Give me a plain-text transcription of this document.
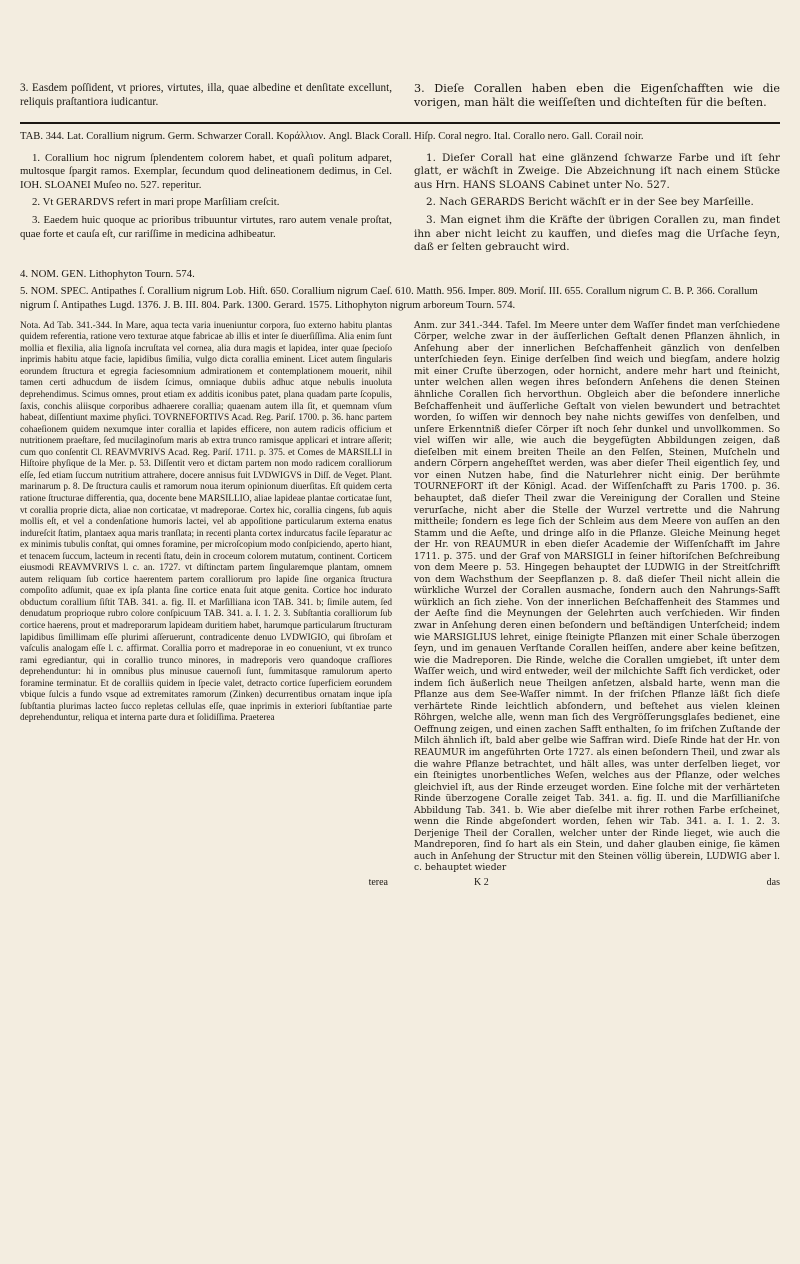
3. Easdem poſſident, vt priores, virtutes, illa, quae albedine et denſitate excellunt, reliquis praſtantiora iudicantur.

3. Dieſe Corallen haben eben die Eigenſchafften wie die vorigen, man hält die weiſſeſten und dichteſten für die beſten.

TAB. 344. Lat. Corallium nigrum. Germ. Schwarzer Corall. Κοράλλιον. Angl. Black Corall. Hiſp. Coral negro. Ital. Corallo nero. Gall. Corail noir.

1. Corallium hoc nigrum ſplendentem colorem habet, et quaſi politum adparet, multosque ſpargit ramos. Exemplar, ſecundum quod delineationem dedimus, in Cel. IOH. SLOANEI Muſeo no. 527. reperitur.

2. Vt GERARDVS refert in mari prope Marſiliam creſcit.

3. Eaedem huic quoque ac prioribus tribuuntur virtutes, raro autem venale proſtat, quae forte et cauſa eſt, cur rariſſime in medicina adhibeatur.

1. Dieſer Corall hat eine glänzend ſchwarze Farbe und iſt ſehr glatt, er wächſt in Zweige. Die Abzeichnung iſt nach einem Stücke aus Hrn. HANS SLOANS Cabinet unter No. 527.

2. Nach GERARDS Bericht wächſt er in der See bey Marſeille.

3. Man eignet ihm die Kräfte der übrigen Corallen zu, man findet ihn aber nicht leicht zu kauffen, und dieſes mag die Urſache ſeyn, daß er ſelten gebraucht wird.

4. NOM. GEN. Lithophyton Tourn. 574.

5. NOM. SPEC. Antipathes ſ. Corallium nigrum Lob. Hiſt. 650. Corallium nigrum Caeſ. 610. Matth. 956. Imper. 809. Moriſ. III. 655. Corallum nigrum C. B. P. 366. Corallum nigrum ſ. Antipathes Lugd. 1376. J. B. III. 804. Park. 1300. Gerard. 1575. Lithophyton nigrum arboreum Tourn. 574.

Nota. Ad Tab. 341.-344. In Mare, aqua tecta varia inueniuntur corpora, ſuo externo habitu plantas quidem referentia, ratione vero texturae atque fabricae ab illis et inter ſe diuerſiſſima. Alia enim ſunt mollia et flexilia, alia lignoſa incruſtata vel cornea, alia dura magis et lapidea, inter quae ſpecioſo inprimis habitu atque facie, lapidibus ſimilia, vulgo dicta corallia eminent. Licet autem ſingularis eorundem ſtructura et egregia faciesomnium admirationem et contemplationem mouerit, nihil tamen certi adhucdum de iisdem ſcimus, omniaque dubiis adhuc atque nebulis inuoluta deprehendimus. Scimus omnes, prout etiam ex additis iconibus patet, plana quadam parte ſcopulis, ſaxis, conchis aliisque corporibus adhaerere corallia; quaenam autem illa ſit, et quemnam vſum habeat, diſſentiunt maxime phyſici. TOVRNEFORTIVS Acad. Reg. Pariſ. 1700. p. 36. hanc partem cohaeſionem quidem nexumque inter corallia et lapides efficere, non autem radicis officium et nutritionem praeſtare, ſed mucilaginoſum maris ab extra trunco ramisque applicari et intrare aſſerit; cum quo conſentit Cl. REAVMVRIVS Acad. Reg. Pariſ. 1711. p. 375. et Comes de MARSILLI in Hiſtoire phyſique de la Mer. p. 53. Diſſentit vero et dictam partem non modo radicem coralliorum eſſe, ſed etiam ſuccum nutritium attrahere, docere annisus fuit LVDWIGVS in Diſſ. de Veget. Plant. marinarum p. 8. De ſtructura caulis et ramorum noua iterum opinionum diuerſitas. Eſt quidem certa ratione ſtructurae differentia, qua, docente bene MARSILLIO, aliae lapideae plantae corticatae ſunt, vt corallia proprie dicta, aliae non corticatae, vt madreporae. Cortex hic, corallia cingens, ſub aquis mollis eſt, et vel a condenſatione humoris lactei, vel ab appoſitione particularum externa enatus indureſcit ſtatim, plantaex aqua maris tranſlata; in recenti planta cortex indurcatus facile ſeparatur ac ex minimis tubulis conſtat, qui omnes foramine, per microſcopium modo conſpiciendo, aperto hiant, et tenacem ſuccum, lacteum in recenti ſtatu, dein in croceum colorem mutatum, continent. Corticem eiusmodi REAVMVRIVS l. c. an. 1727. vt diſtinctam partem ſingularemque plantam, omnem autem reliquam ſub cortice haerentem partem coralliorum pro lapide ſine organica ſtructura compoſito adſumit, quae ex ipſa planta ſine cortice enata ſuit atque genita. Cortice hoc indurato obductum corallium ſiſtit TAB. 341. a. fig. II. et Marſilliana icon TAB. 341. b; ſimile autem, ſed denudatum proprioque rubro colore conſpicuum TAB. 341. a. I. 1. 2. 3. Subſtantia coralliorum ſub cortice haerens, prout et madreporarum lapideam duritiem habet, harumque particularum ſtructuram lapidibus ſimillimam eſſe plurimi aſſeruerunt, contradicente denuo LVDWIGIO, qui ſibroſam et vaſculis analogam eſſe l. c. affirmat. Corallia porro et madreporae in eo conueniunt, vt ex trunco rami egrediantur, qui in corallio trunco minores, in madreporis vero quandoque craſſiores deprehenduntur: hi in omnibus plus minusue cauernoſi ſunt, ſummitasque ramulorum aperto foramine terminatur. Et de coralliis quidem in ſpecie valet, detracto cortice ſuperficiem eorundem vbique ſulcis a fundo vsque ad extremitates ramorum (Zinken) decurrentibus ornatam inque ipſa ſubſtantia plurimas lacteo ſucco repletas cellulas eſſe, quae inprimis in exteriori ſubſtantiae parte deprehenduntur, reliqua et interna parte dura et ſolidiſſima. Praeterea

Anm. zur 341.-344. Tafel. Im Meere unter dem Waſſer findet man verſchiedene Cörper, welche zwar in der äuſſerlichen Geſtalt denen Pflanzen ähnlich, in Anſehung aber der innerlichen Beſchaffenheit gänzlich von denſelben unterſchieden ſeyn. Einige derſelben ſind weich und biegſam, andere holzig mit einer Cruſte überzogen, oder hornicht, andere mehr hart und ſteinicht, unter welchen allen wegen ihres beſondern Anſehens die denen Steinen ähnliche Corallen ſich hervorthun. Obgleich aber die beſondere innerliche Beſchaffenheit und äuſſerliche Geſtalt von vielen bewundert und betrachtet worden, ſo wiſſen wir dennoch bey nahe nichts gewiſſes von denſelben, und unſere Erkenntniß dieſer Cörper iſt noch ſehr dunkel und unvollkommen. So viel wiſſen wir alle, wie auch die beygefügten Abbildungen zeigen, daß dieſelben mit einem breiten Theile an den Felſen, Steinen, Muſcheln und andern Cörpern angeheſſtet werden, was aber dieſer Theil eigentlich ſey, und vor einen Nutzen habe, ſind die Naturlehrer nicht einig. Der berühmte TOURNEFORT iſt der Königl. Acad. der Wiſſenſchafft zu Paris 1700. p. 36. behauptet, daß dieſer Theil zwar die Vereinigung der Corallen und Steine verurſache, nicht aber die Stelle der Wurzel vertrette und die Nahrung mittheile; ſondern es lege ſich der Schleim aus dem Meere von auſſen an den Stamm und die Aeſte, und dringe alſo in die Pflanze. Gleiche Meinung heget der Hr. von REAUMUR in eben dieſer Academie der Wiſſenſchafft im Jahre 1711. p. 375. und der Graf von MARSIGLI in ſeiner hiſtoriſchen Beſchreibung von dem Meere p. 53. Hingegen behauptet der LUDWIG in der Streitſchrifft von dem Wachsthum der Seepflanzen p. 8. daß dieſer Theil nicht allein die würkliche Wurzel der Corallen ausmache, ſondern auch den Nahrungs-Safft würklich an ſich ziehe. Von der innerlichen Beſchaffenheit des Stammes und der Aeſte ſind die Meynungen der Gelehrten auch verſchieden. Wir finden zwar in Anſehung deren einen beſondern und beſtändigen Unterſcheid; indem wie MARSIGLIUS lehret, einige ſteinigte Pflanzen mit einer Schale überzogen ſeyn, und im genauen Verſtande Corallen heiſſen, andere aber keine beſitzen, wie die Madreporen. Die Rinde, welche die Corallen umgiebet, iſt unter dem Waſſer weich, und wird entweder, weil der milchichte Safft ſich verdicket, oder indem ſich äußerlich neue Theilgen anſetzen, alsbald harte, wenn man die Pflanze aus dem See-Waſſer nimmt. In der friſchen Pflanze läßt ſich dieſe verhärtete Rinde leichtlich abſondern, und beſtehet aus vielen kleinen Röhrgen, welche alle, wenn man ſich des Vergröſſerungsglaſes bedienet, eine Oeffnung zeigen, und einen zachen Safft enthalten, ſo im friſchen Zuſtande der Milch ähnlich iſt, bald aber gelbe wie Saffran wird. Dieſe Rinde hat der Hr. von REAUMUR im angeführten Orte 1727. als einen beſondern Theil, und zwar als die wahre Pflanze betrachtet, und hält alles, was unter derſelben lieget, vor ein ſteinigtes unorbentliches Weſen, welches aus der Pflanze, oder welches gleichviel iſt, aus der Rinde erzeuget worden. Eine ſolche mit der verhärteten Rinde überzogene Coralle zeiget Tab. 341. a. fig. II. und die Marſillianiſche Abbildung Tab. 341. b. Wie aber dieſelbe mit ihrer rothen Farbe erſcheinet, wenn die Rinde abgeſondert worden, ſehen wir Tab. 341. a. I. 1. 2. 3. Derjenige Theil der Corallen, welcher unter der Rinde lieget, wie auch die Mandreporen, ſind ſo hart als ein Stein, und daher glauben einige, ſie kämen auch in Anſehung der Structur mit den Steinen völlig überein, LUDWIG aber l. c. behauptet wieder

terea	K 2	das
